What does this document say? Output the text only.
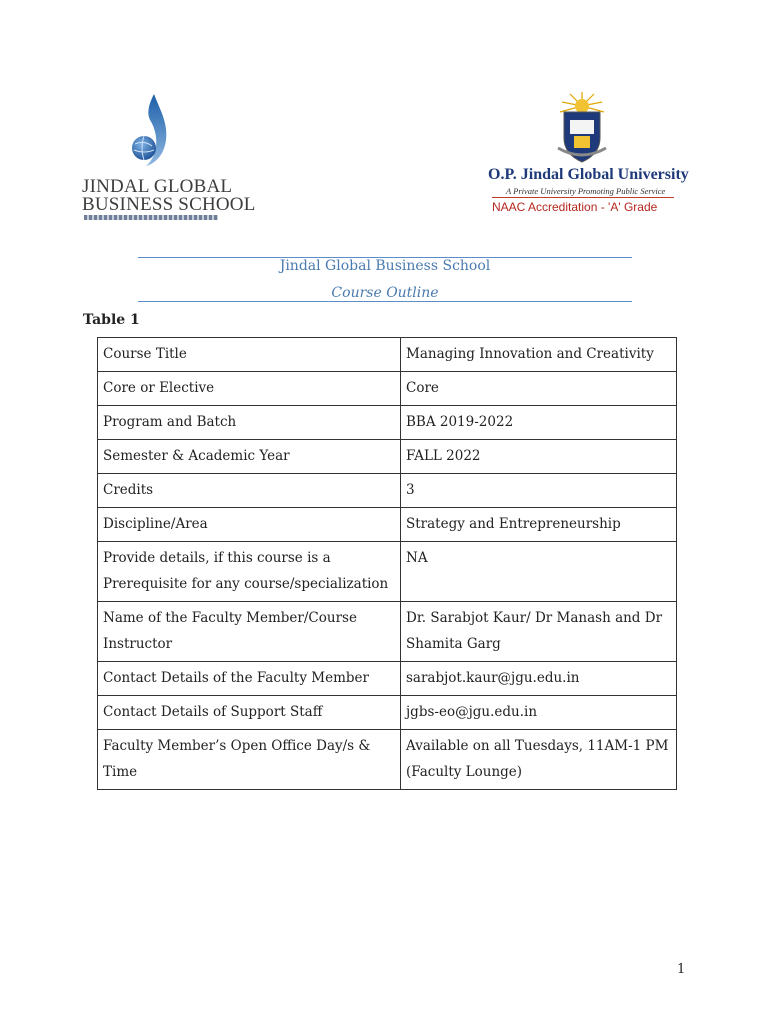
JINDAL GLOBAL
BUSINESS SCHOOL
O.P. Jindal Global University
A Private University Promoting Public Service
NAAC Accreditation - 'A' Grade
Jindal Global Business School
Course Outline
Table 1
Course Title	Managing Innovation and Creativity
Core or Elective	Core
Program and Batch	BBA 2019-2022
Semester & Academic Year	FALL 2022
Credits	3
Discipline/Area	Strategy and Entrepreneurship
Provide details, if this course is a Prerequisite for any course/specialization	NA
Name of the Faculty Member/Course Instructor	Dr. Sarabjot Kaur/ Dr Manash and Dr Shamita Garg
Contact Details of the Faculty Member	sarabjot.kaur@jgu.edu.in
Contact Details of Support Staff	jgbs-eo@jgu.edu.in
Faculty Member’s Open Office Day/s & Time	Available on all Tuesdays, 11AM-1 PM (Faculty Lounge)
1
